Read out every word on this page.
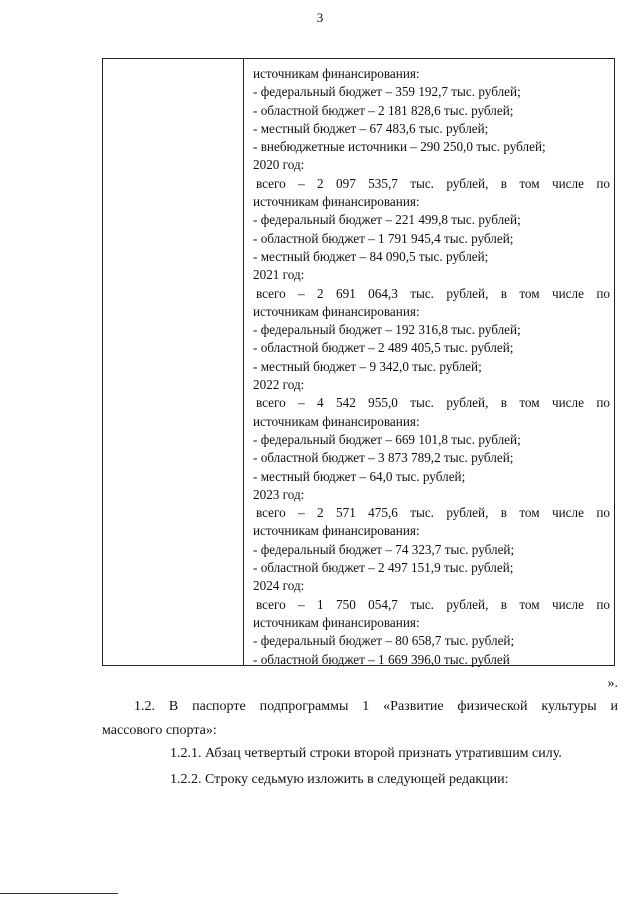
3
источникам финансирования:
- федеральный бюджет – 359 192,7 тыс. рублей;
- областной бюджет – 2 181 828,6 тыс. рублей;
- местный бюджет – 67 483,6 тыс. рублей;
- внебюджетные источники – 290 250,0 тыс. рублей;
2020 год:
всего – 2 097 535,7 тыс. рублей, в том числе по
источникам финансирования:
- федеральный бюджет – 221 499,8 тыс. рублей;
- областной бюджет – 1 791 945,4 тыс. рублей;
- местный бюджет – 84 090,5 тыс. рублей;
2021 год:
всего – 2 691 064,3 тыс. рублей, в том числе по
источникам финансирования:
- федеральный бюджет – 192 316,8 тыс. рублей;
- областной бюджет – 2 489 405,5 тыс. рублей;
- местный бюджет – 9 342,0 тыс. рублей;
2022 год:
всего – 4 542 955,0 тыс. рублей, в том числе по
источникам финансирования:
- федеральный бюджет – 669 101,8 тыс. рублей;
- областной бюджет – 3 873 789,2 тыс. рублей;
- местный бюджет – 64,0 тыс. рублей;
2023 год:
всего – 2 571 475,6 тыс. рублей, в том числе по
источникам финансирования:
- федеральный бюджет – 74 323,7 тыс. рублей;
- областной бюджет – 2 497 151,9 тыс. рублей;
2024 год:
всего – 1 750 054,7 тыс. рублей, в том числе по
источникам финансирования:
- федеральный бюджет – 80 658,7 тыс. рублей;
- областной бюджет – 1 669 396,0 тыс. рублей
».
1.2. В паспорте подпрограммы 1 «Развитие физической культуры и
массового спорта»:
1.2.1. Абзац четвертый строки второй признать утратившим силу.
1.2.2. Строку седьмую изложить в следующей редакции:
